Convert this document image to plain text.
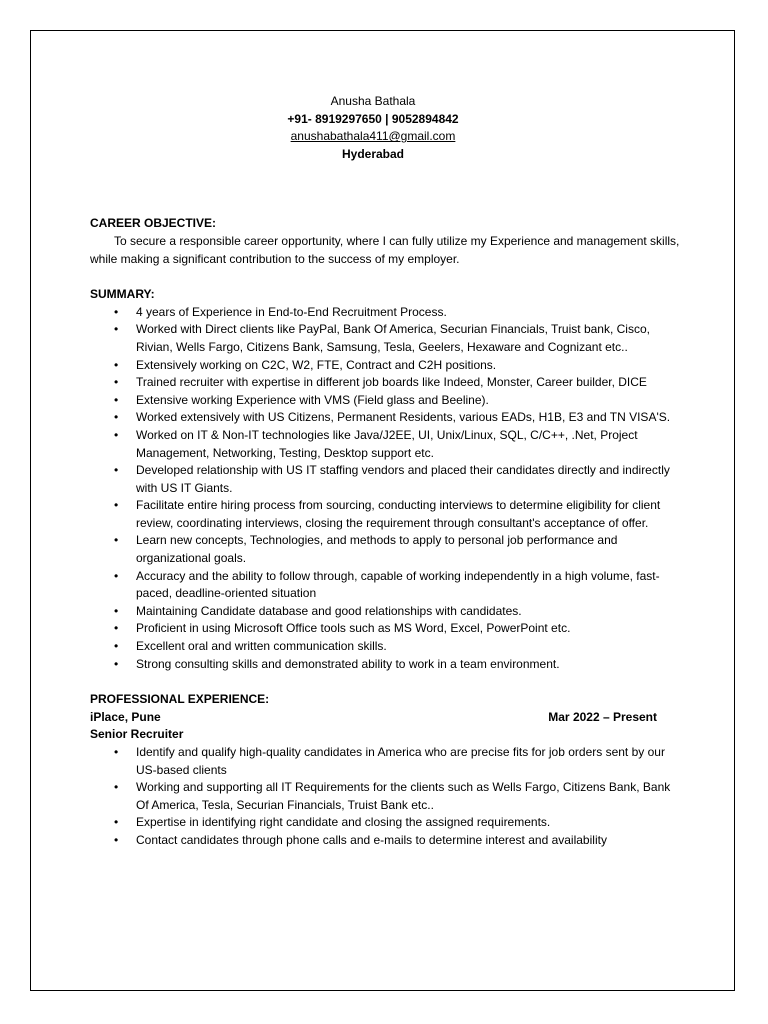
Anusha Bathala
+91- 8919297650 | 9052894842
anushabathala411@gmail.com
Hyderabad
CAREER OBJECTIVE:
To secure a responsible career opportunity, where I can fully utilize my Experience and management skills, while making a significant contribution to the success of my employer.
SUMMARY:
• 4 years of Experience in End-to-End Recruitment Process.
• Worked with Direct clients like PayPal, Bank Of America, Securian Financials, Truist bank, Cisco, Rivian, Wells Fargo, Citizens Bank, Samsung, Tesla, Geelers, Hexaware and Cognizant etc..
• Extensively working on C2C, W2, FTE, Contract and C2H positions.
• Trained recruiter with expertise in different job boards like Indeed, Monster, Career builder, DICE
• Extensive working Experience with VMS (Field glass and Beeline).
• Worked extensively with US Citizens, Permanent Residents, various EADs, H1B, E3 and TN VISA'S.
• Worked on IT & Non-IT technologies like Java/J2EE, UI, Unix/Linux, SQL, C/C++, .Net, Project Management, Networking, Testing, Desktop support etc.
• Developed relationship with US IT staffing vendors and placed their candidates directly and indirectly with US IT Giants.
• Facilitate entire hiring process from sourcing, conducting interviews to determine eligibility for client review, coordinating interviews, closing the requirement through consultant's acceptance of offer.
• Learn new concepts, Technologies, and methods to apply to personal job performance and organizational goals.
• Accuracy and the ability to follow through, capable of working independently in a high volume, fast-paced, deadline-oriented situation
• Maintaining Candidate database and good relationships with candidates.
• Proficient in using Microsoft Office tools such as MS Word, Excel, PowerPoint etc.
• Excellent oral and written communication skills.
• Strong consulting skills and demonstrated ability to work in a team environment.
PROFESSIONAL EXPERIENCE:
iPlace, Pune	Mar 2022 – Present
Senior Recruiter
• Identify and qualify high-quality candidates in America who are precise fits for job orders sent by our US-based clients
• Working and supporting all IT Requirements for the clients such as Wells Fargo, Citizens Bank, Bank Of America, Tesla, Securian Financials, Truist Bank etc..
• Expertise in identifying right candidate and closing the assigned requirements.
• Contact candidates through phone calls and e-mails to determine interest and availability
